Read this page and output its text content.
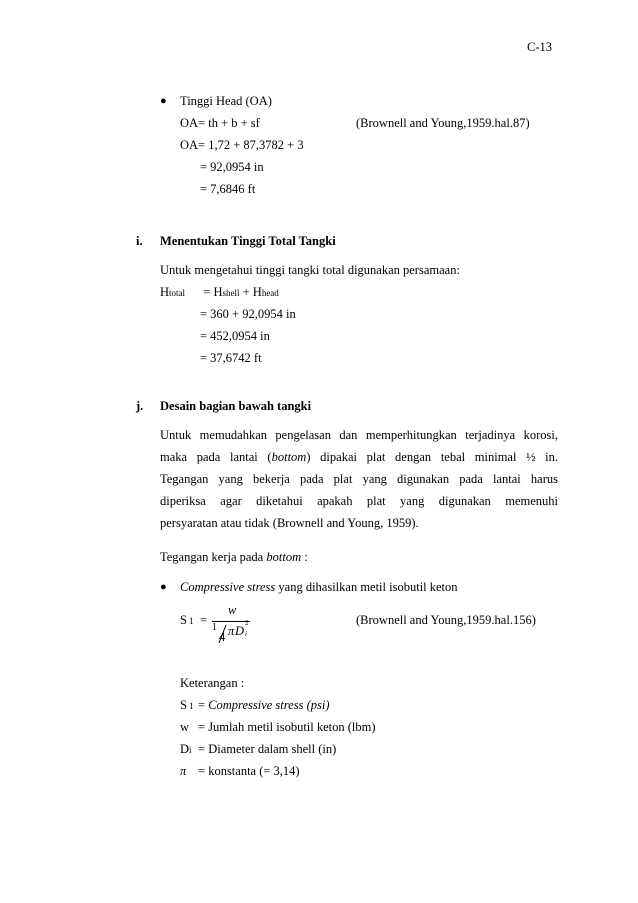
C-13
● Tinggi Head (OA)
OA= th + b + sf	(Brownell and Young,1959.hal.87)
OA= 1,72 + 87,3782 + 3
= 92,0954 in
= 7,6846 ft
i. Menentukan Tinggi Total Tangki
Untuk mengetahui tinggi tangki total digunakan persamaan:
Htotal = Hshell + Hhead
= 360 + 92,0954 in
= 452,0954 in
= 37,6742 ft
j. Desain bagian bawah tangki
Untuk memudahkan pengelasan dan memperhitungkan terjadinya korosi,
maka pada lantai (bottom) dipakai plat dengan tebal minimal ½ in.
Tegangan yang bekerja pada plat yang digunakan pada lantai harus
diperiksa agar diketahui apakah plat yang digunakan memenuhi
persyaratan atau tidak (Brownell and Young, 1959).
Tegangan kerja pada bottom :
● Compressive stress yang dihasilkan metil isobutil keton
S 1 =
w
1
4 π D i
2	(Brownell and Young,1959.hal.156)
Keterangan :
S 1 = Compressive stress (psi)
w = Jumlah metil isobutil keton (lbm)
Di = Diameter dalam shell (in)
π = konstanta (= 3,14)
